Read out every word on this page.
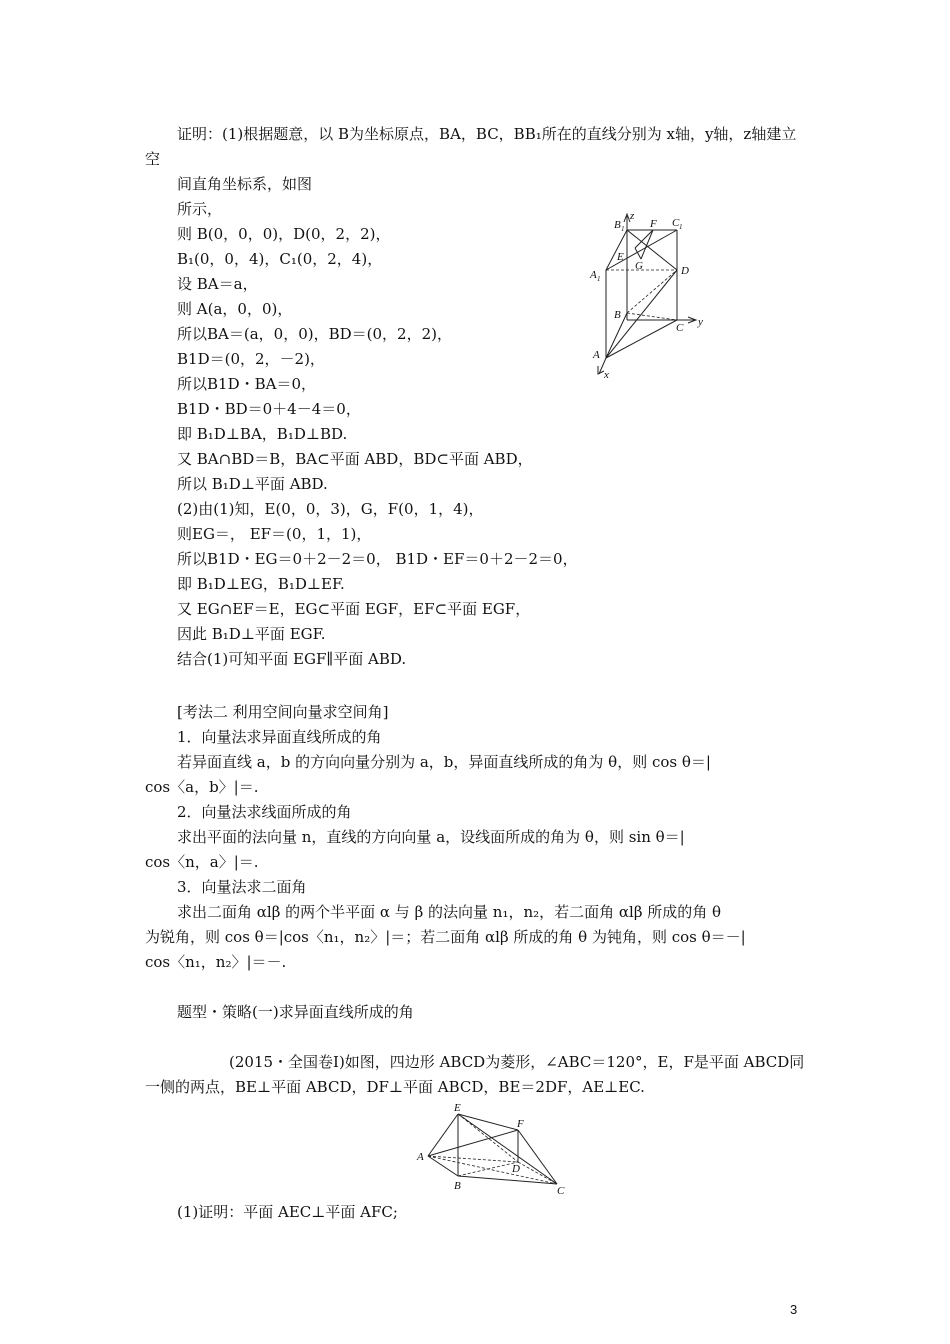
证明：(1)根据题意，以 B为坐标原点，BA，BC，BB₁所在的直线分别为 x轴，y轴，z轴建立
空
间直角坐标系，如图
所示，
则 B(0，0，0)，D(0，2，2)，
B₁(0，0，4)，C₁(0，2，4)，
设 BA＝a，
则 A(a，0，0)，
所以BA＝(a，0，0)，BD＝(0，2，2)，
B1D＝(0，2，－2)，
所以B1D・BA＝0，
B1D・BD＝0＋4－4＝0，
即 B₁D⊥BA，B₁D⊥BD.
又 BA∩BD＝B，BA⊂平面 ABD，BD⊂平面 ABD，
所以 B₁D⊥平面 ABD.
(2)由(1)知，E(0，0，3)，G，F(0，1，4)，
则EG＝， EF＝(0，1，1)，
所以B1D・EG＝0＋2－2＝0， B1D・EF＝0＋2－2＝0，
即 B₁D⊥EG，B₁D⊥EF.
又 EG∩EF＝E，EG⊂平面 EGF，EF⊂平面 EGF，
因此 B₁D⊥平面 EGF.
结合(1)可知平面 EGF∥平面 ABD.
z
y
x
B 1	C 1
F
E
G
A 1
D
B
C
A
[考法二 利用空间向量求空间角]
1．向量法求异面直线所成的角
若异面直线 a，b 的方向向量分别为 a，b，异面直线所成的角为 θ，则 cos θ＝|
cos〈a，b〉|＝.
2．向量法求线面所成的角
求出平面的法向量 n，直线的方向向量 a，设线面所成的角为 θ，则 sin θ＝|
cos〈n，a〉|＝.
3．向量法求二面角
求出二面角 αlβ 的两个半平面 α 与 β 的法向量 n₁，n₂，若二面角 αlβ 所成的角 θ
为锐角，则 cos θ＝|cos〈n₁，n₂〉|＝；若二面角 αlβ 所成的角 θ 为钝角，则 cos θ＝－|
cos〈n₁，n₂〉|＝－.
题型・策略(一)求异面直线所成的角
(2015・全国卷Ⅰ)如图，四边形 ABCD为菱形，∠ABC＝120°，E，F是平面 ABCD同
一侧的两点，BE⊥平面 ABCD，DF⊥平面 ABCD，BE＝2DF，AE⊥EC.
E
F
A
D
B	C
(1)证明：平面 AEC⊥平面 AFC;
3
